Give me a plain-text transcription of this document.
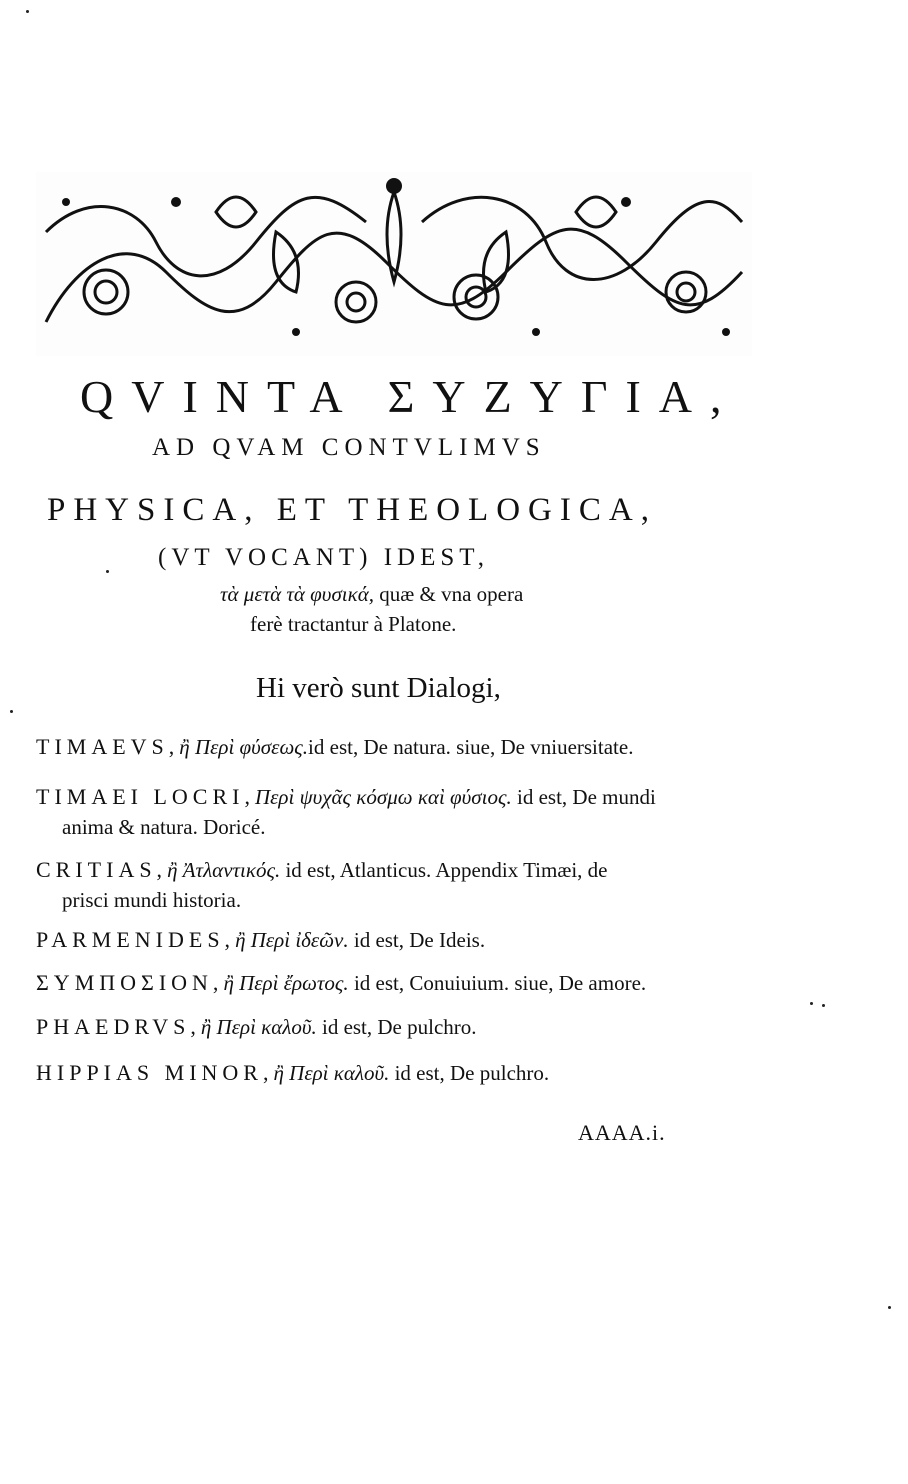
QVINTA ΣΥΖΥΓΙΑ,
AD QVAM CONTVLIMVS
PHYSICA, ET THEOLOGICA,
(VT VOCANT) IDEST,
τὰ μετὰ τὰ φυσικά, quæ & vna opera
ferè tractantur à Platone.
Hi verò sunt Dialogi,
TIMAEVS,ἢ Περὶ φύσεως.id est, De natura. siue, De vniuersitate.
TIMAEI LOCRI,Περὶ ψυχᾶς κόσμω καὶ φύσιος. id est, De mundi
anima & natura. Doricé.
CRITIAS,ἢ Ἀτλαντικός. id est, Atlanticus. Appendix Timæi, de
prisci mundi historia.
PARMENIDES,ἢ Περὶ ἰδεῶν. id est, De Ideis.
ΣΥΜΠΟΣΙΟΝ,ἢ Περὶ ἔρωτος. id est, Conuiuium. siue, De amore.
PHAEDRVS,ἢ Περὶ καλοῦ. id est, De pulchro.
HIPPIAS MINOR,ἢ Περὶ καλοῦ. id est, De pulchro.
AAAA.i.
